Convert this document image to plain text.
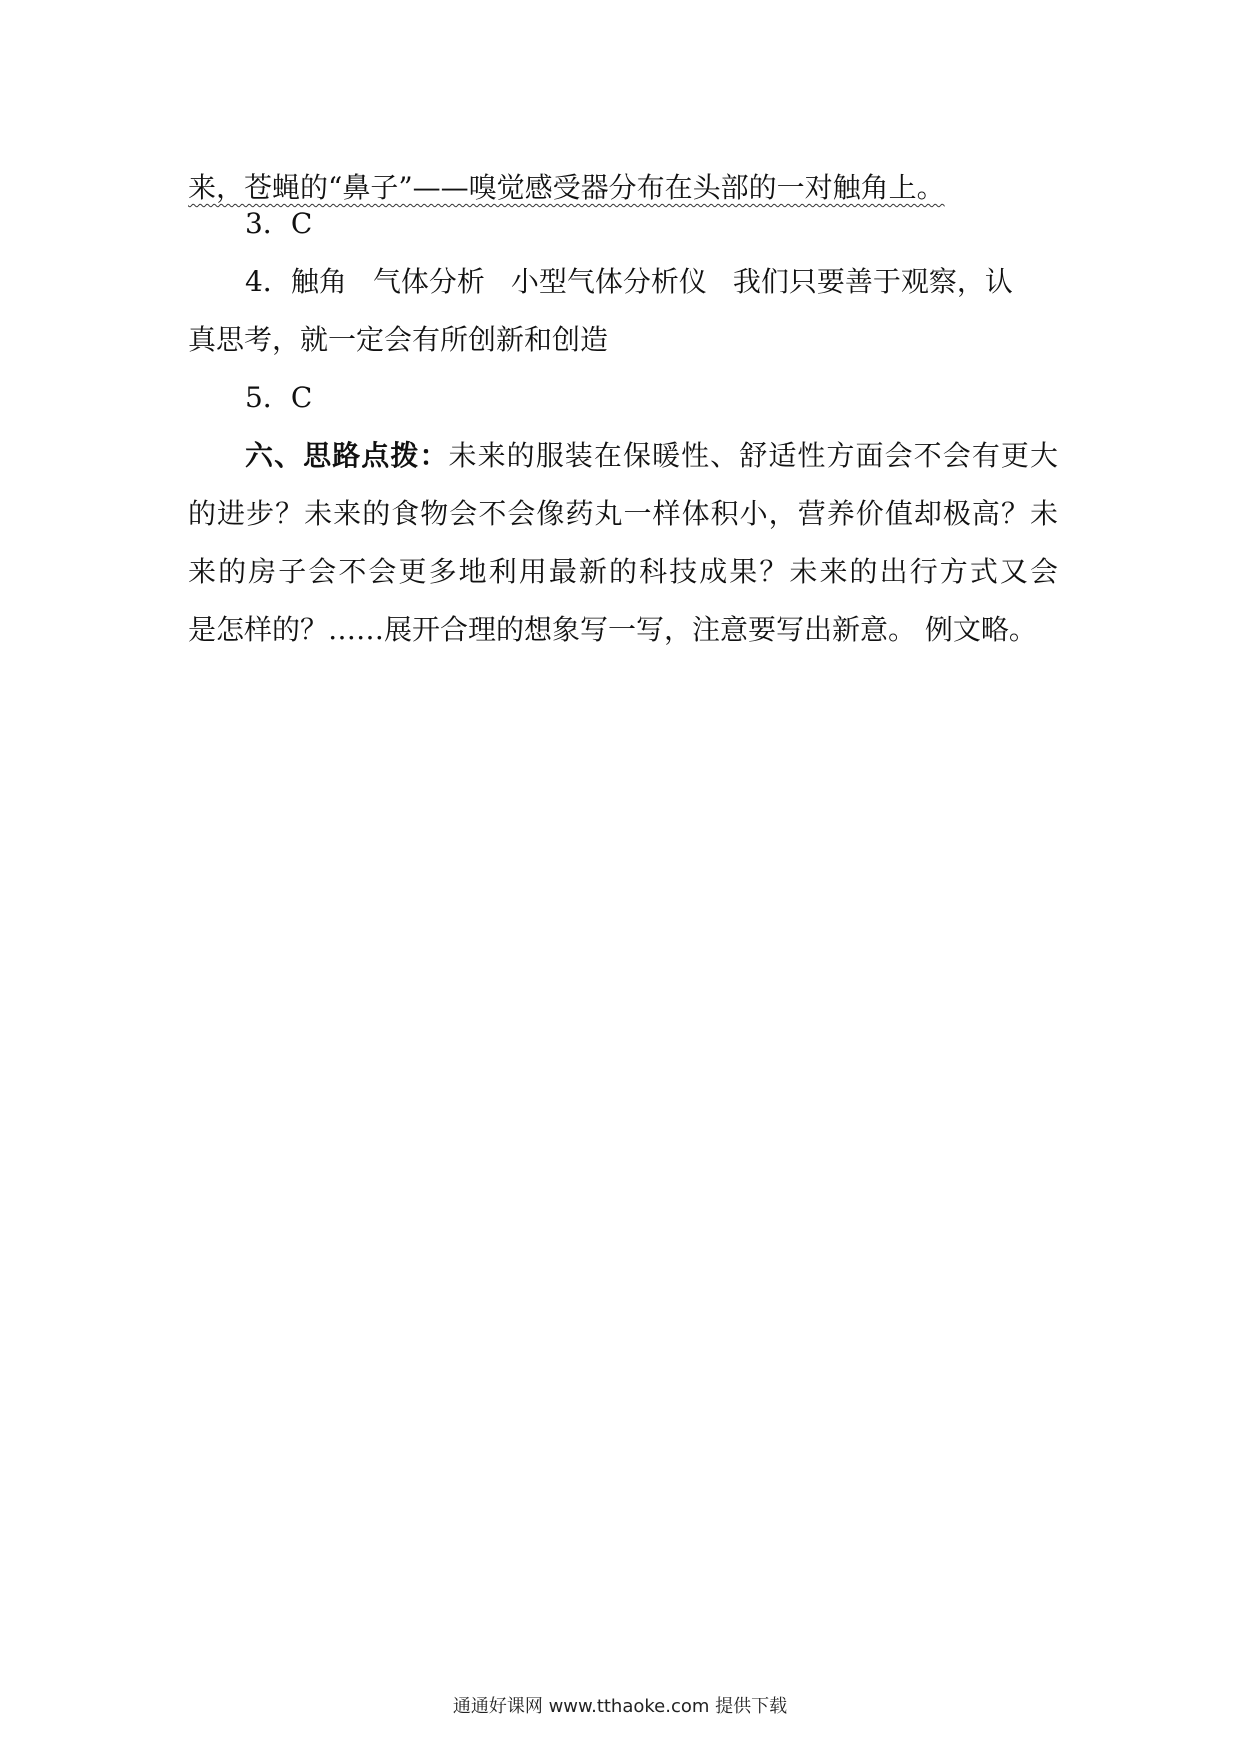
来，苍蝇的“鼻子”——嗅觉感受器分布在头部的一对触角上。
3．C
4．触角 气体分析 小型气体分析仪 我们只要善于观察，认
真思考，就一定会有所创新和创造
5．C
六、思路点拨：未来的服装在保暖性、舒适性方面会不会有更大
的进步？未来的食物会不会像药丸一样体积小，营养价值却极高？未
来的房子会不会更多地利用最新的科技成果？未来的出行方式又会
是怎样的？……展开合理的想象写一写，注意要写出新意。 例文略。
通通好课网 www.tthaoke.com 提供下载
